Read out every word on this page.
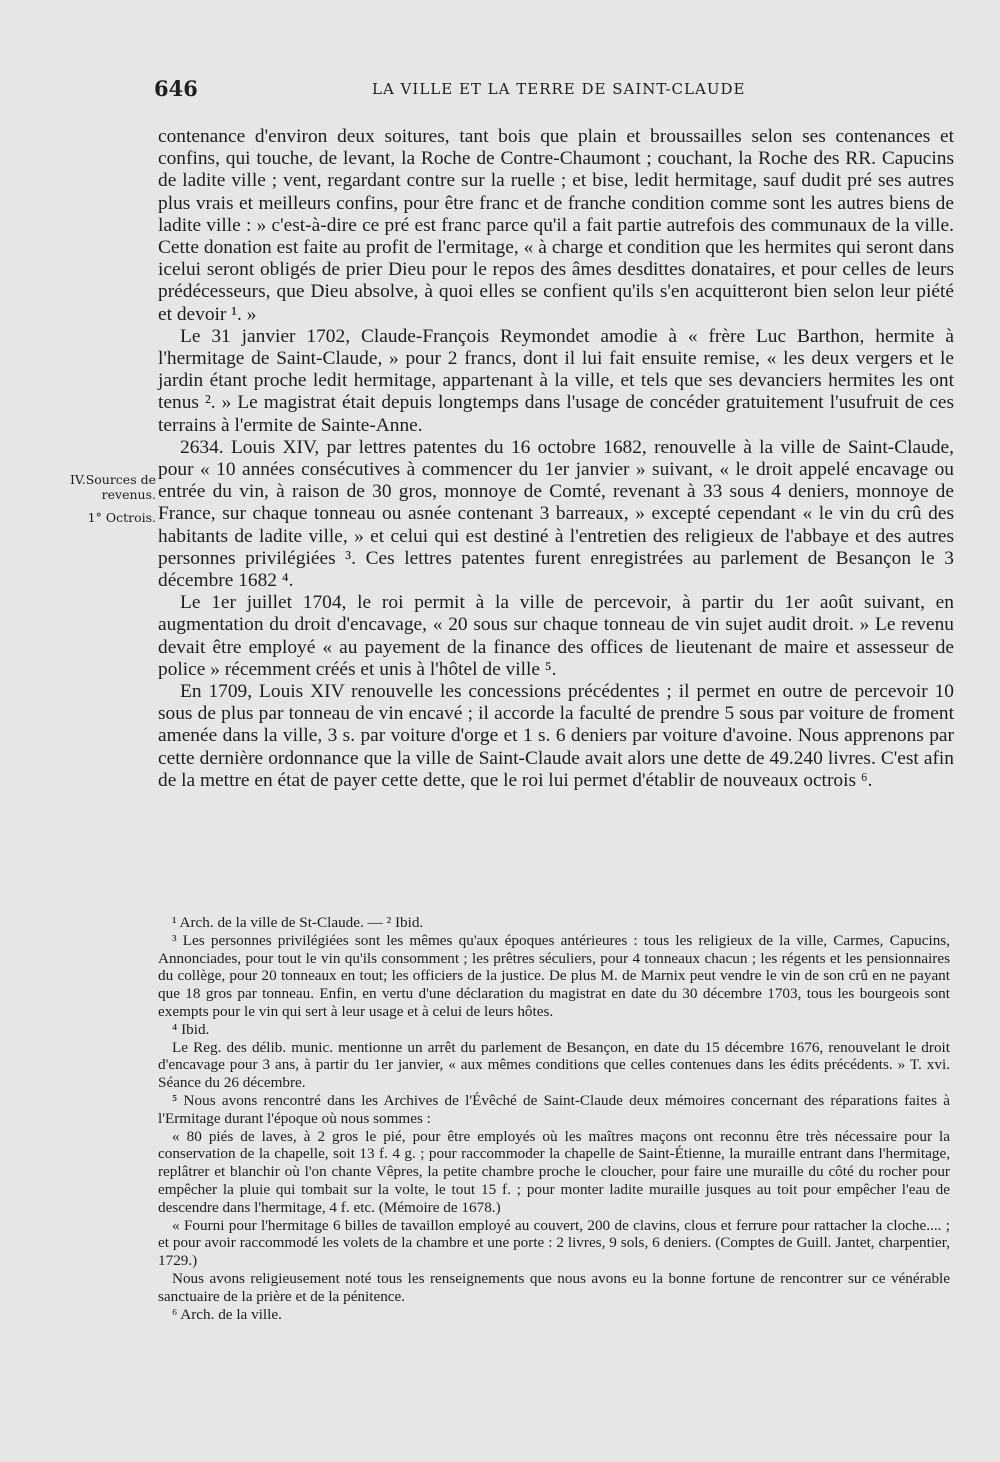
646	LA VILLE ET LA TERRE DE SAINT-CLAUDE
IV.Sources de revenus.
1° Octrois.

contenance d'environ deux soitures, tant bois que plain et broussailles selon ses contenances et confins, qui touche, de levant, la Roche de Contre-Chaumont ; couchant, la Roche des RR. Capucins de ladite ville ; vent, regardant contre sur la ruelle ; et bise, ledit hermitage, sauf dudit pré ses autres plus vrais et meilleurs confins, pour être franc et de franche condition comme sont les autres biens de ladite ville : » c'est-à-dire ce pré est franc parce qu'il a fait partie autrefois des communaux de la ville. Cette donation est faite au profit de l'ermitage, « à charge et condition que les hermites qui seront dans icelui seront obligés de prier Dieu pour le repos des âmes desdittes donataires, et pour celles de leurs prédécesseurs, que Dieu absolve, à quoi elles se confient qu'ils s'en acquitteront bien selon leur piété et devoir ¹. »

Le 31 janvier 1702, Claude-François Reymondet amodie à « frère Luc Barthon, hermite à l'hermitage de Saint-Claude, » pour 2 francs, dont il lui fait ensuite remise, « les deux vergers et le jardin étant proche ledit hermitage, appartenant à la ville, et tels que ses devanciers hermites les ont tenus ². » Le magistrat était depuis longtemps dans l'usage de concéder gratuitement l'usufruit de ces terrains à l'ermite de Sainte-Anne.

2634. Louis XIV, par lettres patentes du 16 octobre 1682, renouvelle à la ville de Saint-Claude, pour « 10 années consécutives à commencer du 1er janvier » suivant, « le droit appelé encavage ou entrée du vin, à raison de 30 gros, monnoye de Comté, revenant à 33 sous 4 deniers, monnoye de France, sur chaque tonneau ou asnée contenant 3 barreaux, » excepté cependant « le vin du crû des habitants de ladite ville, » et celui qui est destiné à l'entretien des religieux de l'abbaye et des autres personnes privilégiées ³. Ces lettres patentes furent enregistrées au parlement de Besançon le 3 décembre 1682 ⁴.

Le 1er juillet 1704, le roi permit à la ville de percevoir, à partir du 1er août suivant, en augmentation du droit d'encavage, « 20 sous sur chaque tonneau de vin sujet audit droit. » Le revenu devait être employé « au payement de la finance des offices de lieutenant de maire et assesseur de police » récemment créés et unis à l'hôtel de ville ⁵.

En 1709, Louis XIV renouvelle les concessions précédentes ; il permet en outre de percevoir 10 sous de plus par tonneau de vin encavé ; il accorde la faculté de prendre 5 sous par voiture de froment amenée dans la ville, 3 s. par voiture d'orge et 1 s. 6 deniers par voiture d'avoine. Nous apprenons par cette dernière ordonnance que la ville de Saint-Claude avait alors une dette de 49.240 livres. C'est afin de la mettre en état de payer cette dette, que le roi lui permet d'établir de nouveaux octrois ⁶.

¹ Arch. de la ville de St-Claude. — ² Ibid.

³ Les personnes privilégiées sont les mêmes qu'aux époques antérieures : tous les religieux de la ville, Carmes, Capucins, Annonciades, pour tout le vin qu'ils consomment ; les prêtres séculiers, pour 4 tonneaux chacun ; les régents et les pensionnaires du collège, pour 20 tonneaux en tout; les officiers de la justice. De plus M. de Marnix peut vendre le vin de son crû en ne payant que 18 gros par tonneau. Enfin, en vertu d'une déclaration du magistrat en date du 30 décembre 1703, tous les bourgeois sont exempts pour le vin qui sert à leur usage et à celui de leurs hôtes.

⁴ Ibid.

Le Reg. des délib. munic. mentionne un arrêt du parlement de Besançon, en date du 15 décembre 1676, renouvelant le droit d'encavage pour 3 ans, à partir du 1er janvier, « aux mêmes conditions que celles contenues dans les édits précédents. » T. xvi. Séance du 26 décembre.

⁵ Nous avons rencontré dans les Archives de l'Évêché de Saint-Claude deux mémoires concernant des réparations faites à l'Ermitage durant l'époque où nous sommes :

« 80 piés de laves, à 2 gros le pié, pour être employés où les maîtres maçons ont reconnu être très nécessaire pour la conservation de la chapelle, soit 13 f. 4 g. ; pour raccommoder la chapelle de Saint-Étienne, la muraille entrant dans l'hermitage, replâtrer et blanchir où l'on chante Vêpres, la petite chambre proche le cloucher, pour faire une muraille du côté du rocher pour empêcher la pluie qui tombait sur la volte, le tout 15 f. ; pour monter ladite muraille jusques au toit pour empêcher l'eau de descendre dans l'hermitage, 4 f. etc. (Mémoire de 1678.)

« Fourni pour l'hermitage 6 billes de tavaillon employé au couvert, 200 de clavins, clous et ferrure pour rattacher la cloche.... ; et pour avoir raccommodé les volets de la chambre et une porte : 2 livres, 9 sols, 6 deniers. (Comptes de Guill. Jantet, charpentier, 1729.)

Nous avons religieusement noté tous les renseignements que nous avons eu la bonne fortune de rencontrer sur ce vénérable sanctuaire de la prière et de la pénitence.

⁶ Arch. de la ville.
